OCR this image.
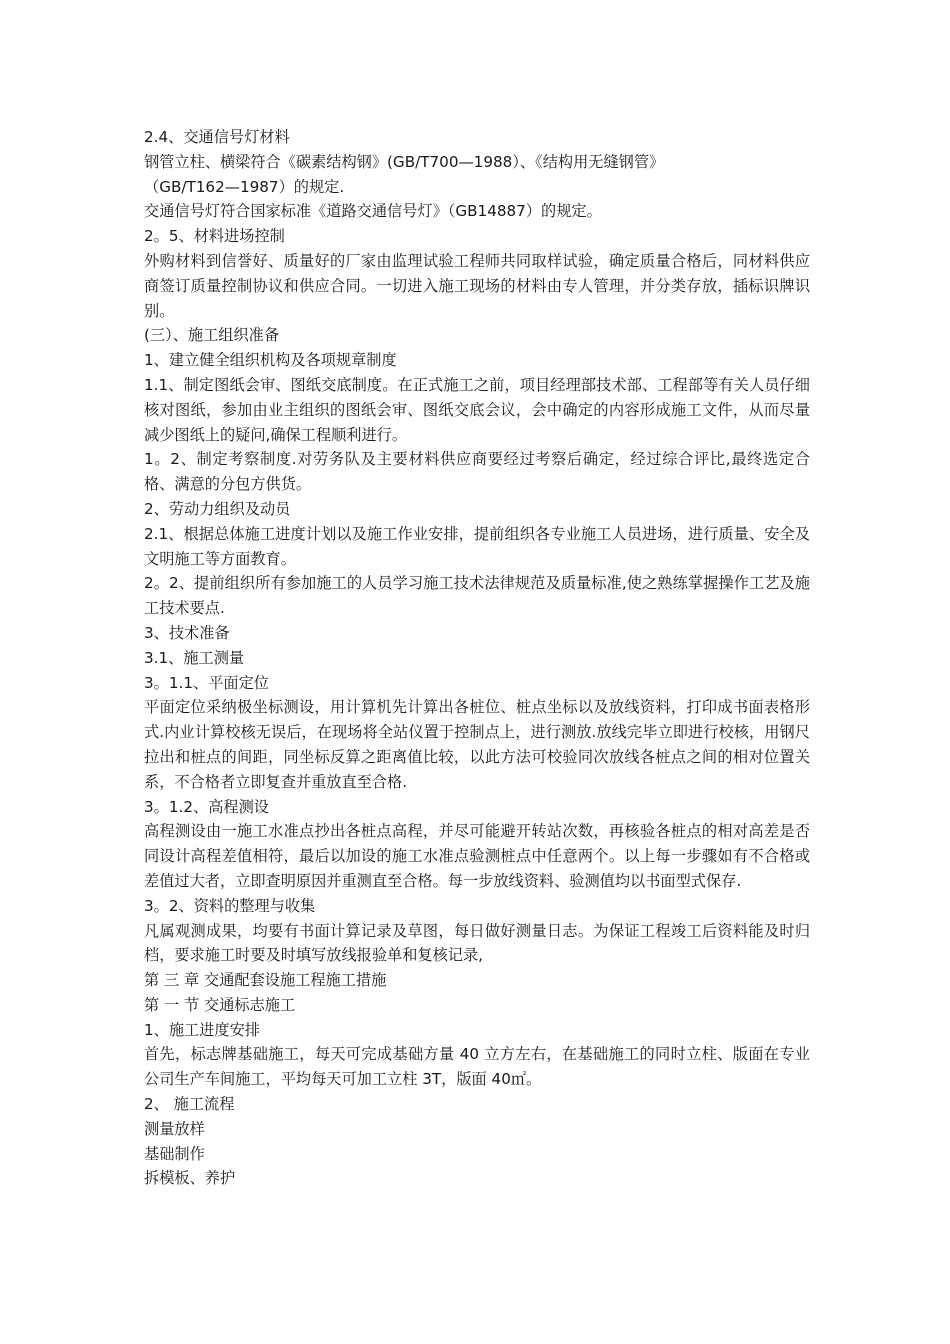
2.4、交通信号灯材料
钢管立柱、横梁符合《碳素结构钢》(GB/T700—1988）、《结构用无缝钢管》
（GB/T162—1987）的规定.
交通信号灯符合国家标准《道路交通信号灯》（GB14887）的规定。
2。5、材料进场控制
外购材料到信誉好、质量好的厂家由监理试验工程师共同取样试验，确定质量合格后，同材料供应商签订质量控制协议和供应合同。一切进入施工现场的材料由专人管理，并分类存放，插标识牌识别。
(三）、施工组织准备
1、建立健全组织机构及各项规章制度
1.1、制定图纸会审、图纸交底制度。在正式施工之前，项目经理部技术部、工程部等有关人员仔细核对图纸，参加由业主组织的图纸会审、图纸交底会议，会中确定的内容形成施工文件，从而尽量减少图纸上的疑问,确保工程顺利进行。
1。2、制定考察制度.对劳务队及主要材料供应商要经过考察后确定，经过综合评比,最终选定合格、满意的分包方供货。
2、劳动力组织及动员
2.1、根据总体施工进度计划以及施工作业安排，提前组织各专业施工人员进场，进行质量、安全及文明施工等方面教育。
2。2、提前组织所有参加施工的人员学习施工技术法律规范及质量标准,使之熟练掌握操作工艺及施工技术要点.
3、技术准备
3.1、施工测量
3。1.1、平面定位
平面定位采纳极坐标测设，用计算机先计算出各桩位、桩点坐标以及放线资料，打印成书面表格形式.内业计算校核无误后，在现场将全站仪置于控制点上，进行测放.放线完毕立即进行校核，用钢尺拉出和桩点的间距，同坐标反算之距离值比较，以此方法可校验同次放线各桩点之间的相对位置关系，不合格者立即复查并重放直至合格.
3。1.2、高程测设
高程测设由一施工水准点抄出各桩点高程，并尽可能避开转站次数，再核验各桩点的相对高差是否同设计高程差值相符，最后以加设的施工水准点验测桩点中任意两个。以上每一步骤如有不合格或差值过大者，立即查明原因并重测直至合格。每一步放线资料、验测值均以书面型式保存.
3。2、资料的整理与收集
凡属观测成果，均要有书面计算记录及草图，每日做好测量日志。为保证工程竣工后资料能及时归档，要求施工时要及时填写放线报验单和复核记录,
第 三 章 交通配套设施工程施工措施
第 一 节 交通标志施工
1、施工进度安排
首先，标志牌基础施工，每天可完成基础方量 40 立方左右，在基础施工的同时立柱、版面在专业公司生产车间施工，平均每天可加工立柱 3T，版面 40㎡。
2、 施工流程
测量放样
基础制作
拆模板、养护
